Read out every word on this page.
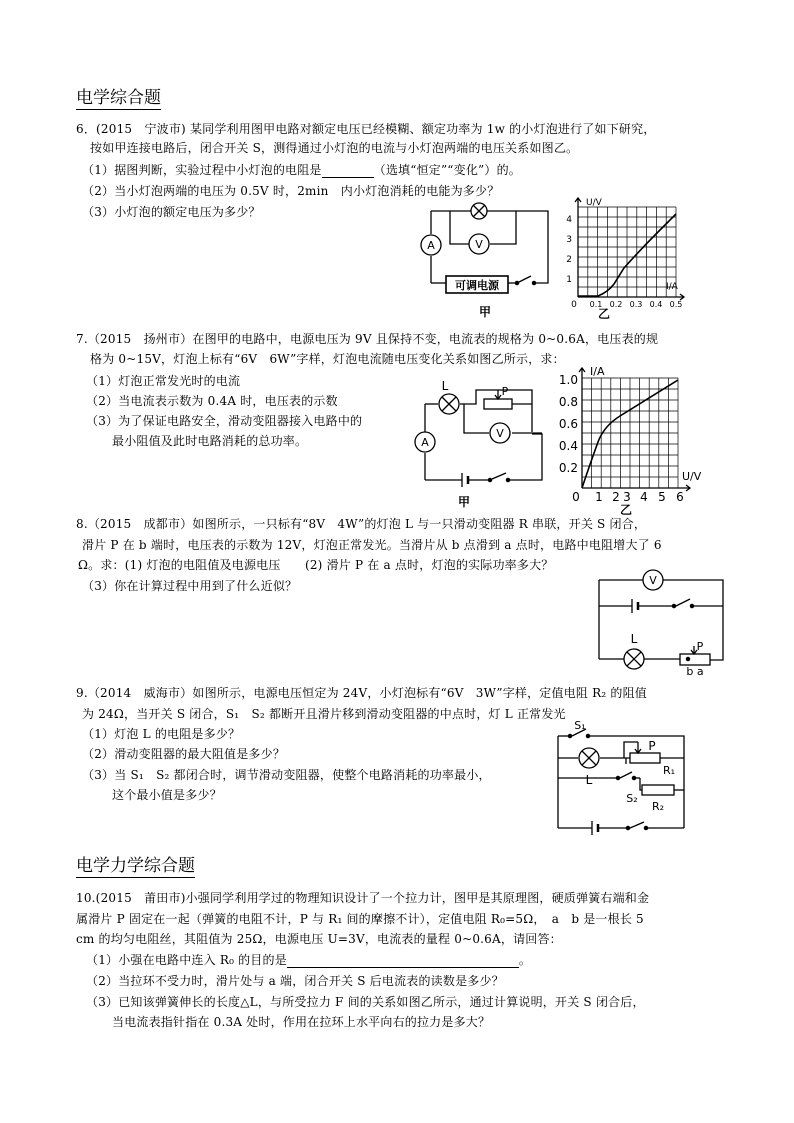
电学综合题
6．(2015　宁波市) 某同学利用图甲电路对额定电压已经模糊、额定功率为 1w 的小灯泡进行了如下研究，
按如甲连接电路后，闭合开关 S，测得通过小灯泡的电流与小灯泡两端的电压关系如图乙。
（1）据图判断，实验过程中小灯泡的电阻是	（选填“恒定”“变化”）的。
（2）当小灯泡两端的电压为 0.5V 时，2min　内小灯泡消耗的电能为多少？
（3）小灯泡的额定电压为多少？
A	V
可调电源
甲
U/V
I/A
1
2
3
4
0 0.1 0.2 0.3 0.4 0.5
乙
7.（2015　扬州市）在图甲的电路中，电源电压为 9V 且保持不变，电流表的规格为 0~0.6A，电压表的规
格为 0~15V，灯泡上标有“6V　6W”字样，灯泡电流随电压变化关系如图乙所示，求：
（1）灯泡正常发光时的电流
（2）当电流表示数为 0.4A 时，电压表的示数
（3）为了保证电路安全，滑动变阻器接入电路中的
最小阻值及此时电路消耗的总功率。
L	P
A
V
甲
I/A
U/V
0.2
0.4
0.6
0.8
1.0
0 1 2 3 4 5 6
乙
8.（2015　成都市）如图所示，一只标有“8V　4W”的灯泡 L 与一只滑动变阻器 R 串联，开关 S 闭合，
滑片 P 在 b 端时，电压表的示数为 12V，灯泡正常发光。当滑片从 b 点滑到 a 点时，电路中电阻增大了 6
Ω。求：(1) 灯泡的电阻值及电源电压　　(2) 滑片 P 在 a 点时，灯泡的实际功率多大？
（3）你在计算过程中用到了什么近似？	V
L
P
b a
9.（2014　威海市）如图所示，电源电压恒定为 24V，小灯泡标有“6V　3W”字样，定值电阻 R₂ 的阻值
为 24Ω，当开关 S 闭合，S₁　S₂ 都断开且滑片移到滑动变阻器的中点时，灯 L 正常发光
（1）灯泡 L 的电阻是多少？
（2）滑动变阻器的最大阻值是多少？
（3）当 S₁　S₂ 都闭合时，调节滑动变阻器，使整个电路消耗的功率最小，
这个最小值是多少？
S₁
L
P
R₁
S₂
R₂
电学力学综合题
10.(2015　莆田市)小强同学利用学过的物理知识设计了一个拉力计，图甲是其原理图，硬质弹簧右端和金
属滑片 P 固定在一起（弹簧的电阻不计，P 与 R₁ 间的摩擦不计），定值电阻 R₀=5Ω，　a　b 是一根长 5
cm 的均匀电阻丝，其阻值为 25Ω，电源电压 U=3V，电流表的量程 0~0.6A，请回答：
（1）小强在电路中连入 R₀ 的目的是	。
（2）当拉环不受力时，滑片处与 a 端，闭合开关 S 后电流表的读数是多少？
（3）已知该弹簧伸长的长度△L，与所受拉力 F 间的关系如图乙所示，通过计算说明，开关 S 闭合后，
当电流表指针指在 0.3A 处时，作用在拉环上水平向右的拉力是多大？
